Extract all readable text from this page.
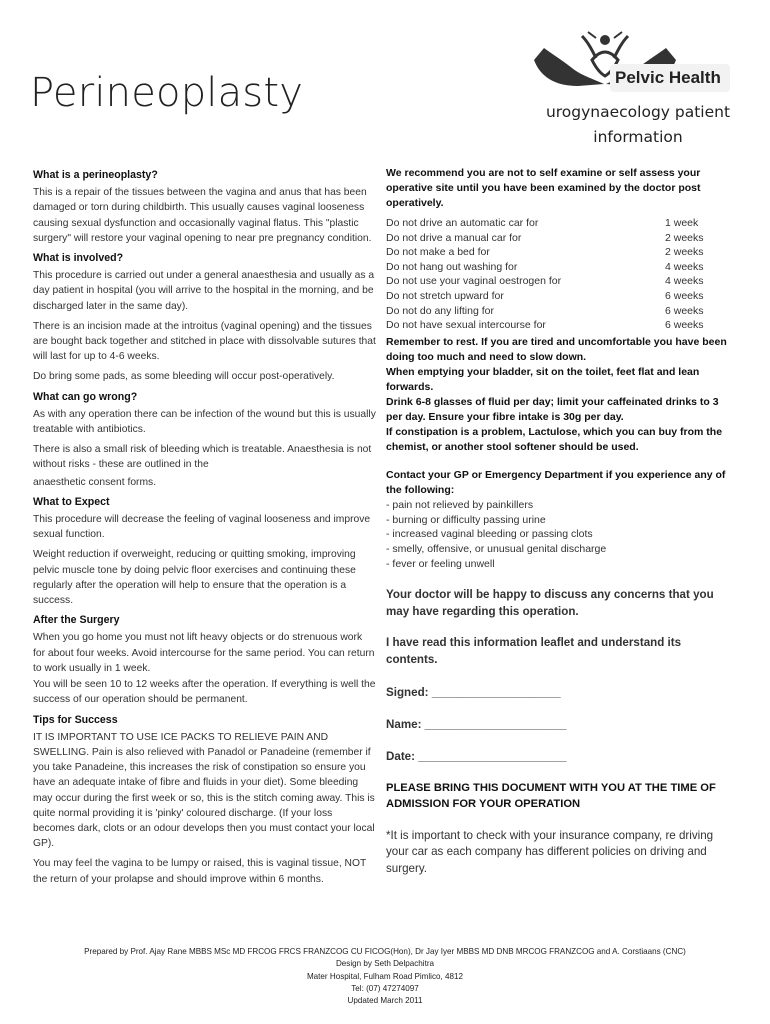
Perineoplasty	Pelvic Health
urogynaecology patient
information
What is a perineoplasty?

This is a repair of the tissues between the vagina and anus that has been damaged or torn during childbirth. This usually causes vaginal looseness causing sexual dysfunction and occasionally vaginal flatus. This "plastic surgery" will restore your vaginal opening to near pre pregnancy condition.

What is involved?

This procedure is carried out under a general anaesthesia and usually as a day patient in hospital (you will arrive to the hospital in the morning, and be discharged later in the same day).

There is an incision made at the introitus (vaginal opening) and the tissues are bought back together and stitched in place with dissolvable sutures that will last for up to 4-6 weeks.

Do bring some pads, as some bleeding will occur post-operatively.

What can go wrong?

As with any operation there can be infection of the wound but this is usually treatable with antibiotics.

There is also a small risk of bleeding which is treatable. Anaesthesia is not without risks - these are outlined in the

anaesthetic consent forms.

What to Expect

This procedure will decrease the feeling of vaginal looseness and improve sexual function.

Weight reduction if overweight, reducing or quitting smoking, improving pelvic muscle tone by doing pelvic floor exercises and continuing these regularly after the operation will help to ensure that the operation is a success.

After the Surgery

When you go home you must not lift heavy objects or do strenuous work for about four weeks. Avoid intercourse for the same period. You can return to work usually in 1 week.

You will be seen 10 to 12 weeks after the operation. If everything is well the success of our operation should be permanent.

Tips for Success

IT IS IMPORTANT TO USE ICE PACKS TO RELIEVE PAIN AND SWELLING. Pain is also relieved with Panadol or Panadeine (remember if you take Panadeine, this increases the risk of constipation so ensure you have an adequate intake of fibre and fluids in your diet). Some bleeding may occur during the first week or so, this is the stitch coming away. This is quite normal providing it is 'pinky' coloured discharge. (If your loss becomes dark, clots or an odour develops then you must contact your local GP).

You may feel the vagina to be lumpy or raised, this is vaginal tissue, NOT the return of your prolapse and should improve within 6 months.

We recommend you are not to self examine or self assess your operative site until you have been examined by the doctor post operatively.

Do not drive an automatic car for	1 week
Do not drive a manual car for	2 weeks
Do not make a bed for	2 weeks
Do not hang out washing for	4 weeks
Do not use your vaginal oestrogen for	4 weeks
Do not stretch upward for	6 weeks
Do not do any lifting for	6 weeks
Do not have sexual intercourse for	6 weeks

Remember to rest. If you are tired and uncomfortable you have been doing too much and need to slow down.

When emptying your bladder, sit on the toilet, feet flat and lean forwards.

Drink 6-8 glasses of fluid per day; limit your caffeinated drinks to 3 per day. Ensure your fibre intake is 30g per day.

If constipation is a problem, Lactulose, which you can buy from the chemist, or another stool softener should be used.

Contact your GP or Emergency Department if you experience any of the following:

- pain not relieved by painkillers
- burning or difficulty passing urine
- increased vaginal bleeding or passing clots
- smelly, offensive, or unusual genital discharge
- fever or feeling unwell

Your doctor will be happy to discuss any concerns that you may have regarding this operation.

I have read this information leaflet and understand its contents.

Signed: ____________________

Name: ______________________

Date: _______________________

PLEASE BRING THIS DOCUMENT WITH YOU AT THE TIME OF ADMISSION FOR YOUR OPERATION

*It is important to check with your insurance company, re driving your car as each company has different policies on driving and surgery.

Prepared by Prof. Ajay Rane MBBS MSc MD FRCOG FRCS FRANZCOG CU FICOG(Hon), Dr Jay Iyer MBBS MD DNB MRCOG FRANZCOG and A. Corstiaans (CNC)
Design by Seth Delpachitra
Mater Hospital, Fulham Road Pimlico, 4812
Tel: (07) 47274097
Updated March 2011
